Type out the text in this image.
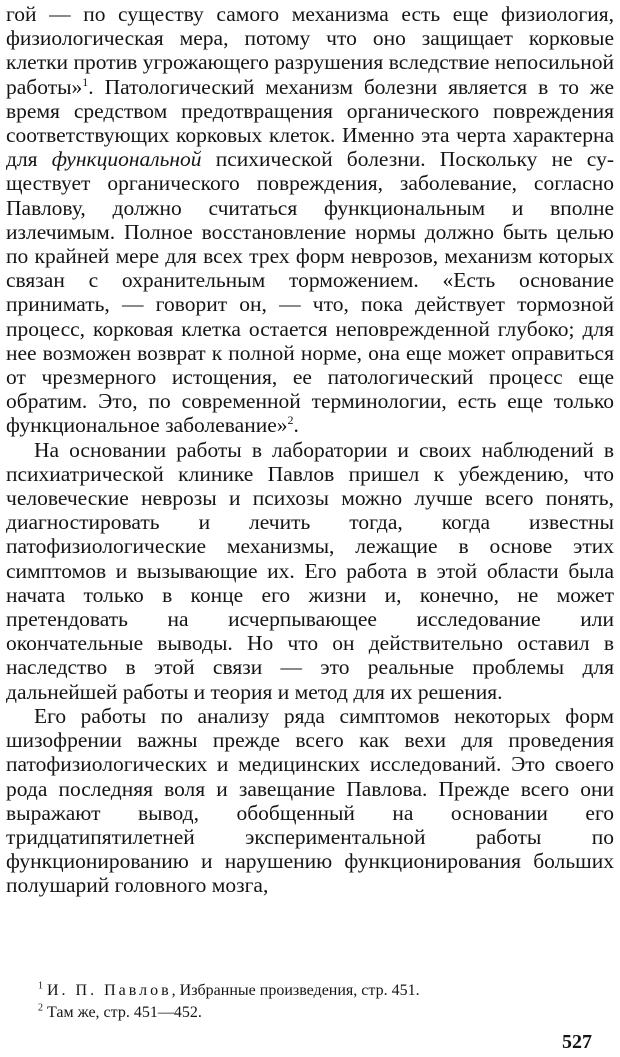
гой — по существу самого механизма есть еще физиология, физиологическая мера, потому что оно защищает корковые клетки против угрожающего разрушения вследствие непосильной работы»$^1$. Патологический механизм болезни является в то же время средством предотвращения органического повреждения соответствующих корковых клеток. Именно эта черта характерна для функциональной психической болезни. Поскольку не существует органического повреждения, заболевание, согласно Павлову, должно считаться функциональным и вполне излечимым. Полное восстановление нормы должно быть целью по крайней мере для всех трех форм неврозов, механизм которых связан с охранительным торможением. «Есть основание принимать, — говорит он, — что, пока действует тормозной процесс, корковая клетка остается неповрежденной глубоко; для нее возможен возврат к полной норме, она еще может оправиться от чрезмерного истощения, ее патологический процесс еще обратим. Это, по современной терминологии, есть еще только функциональное заболевание»$^2$.

На основании работы в лаборатории и своих наблюдений в психиатрической клинике Павлов пришел к убеждению, что человеческие неврозы и психозы можно лучше всего понять, диагностировать и лечить тогда, когда известны патофизиологические механизмы, лежащие в основе этих симптомов и вызывающие их. Его работа в этой области была начата только в конце его жизни и, конечно, не может претендовать на исчерпывающее исследование или окончательные выводы. Но что он действительно оставил в наследство в этой связи — это реальные проблемы для дальнейшей работы и теория и метод для их решения.

Его работы по анализу ряда симптомов некоторых форм шизофрении важны прежде всего как вехи для проведения патофизиологических и медицинских исследований. Это своего рода последняя воля и завещание Павлова. Прежде всего они выражают вывод, обобщенный на основании его тридцатипятилетней экспериментальной работы по функционированию и нарушению функционирования больших полушарий головного мозга,

$^1$ И. П. Павлов, Избранные произведения, стр. 451.
$^2$ Там же, стр. 451—452.
527
